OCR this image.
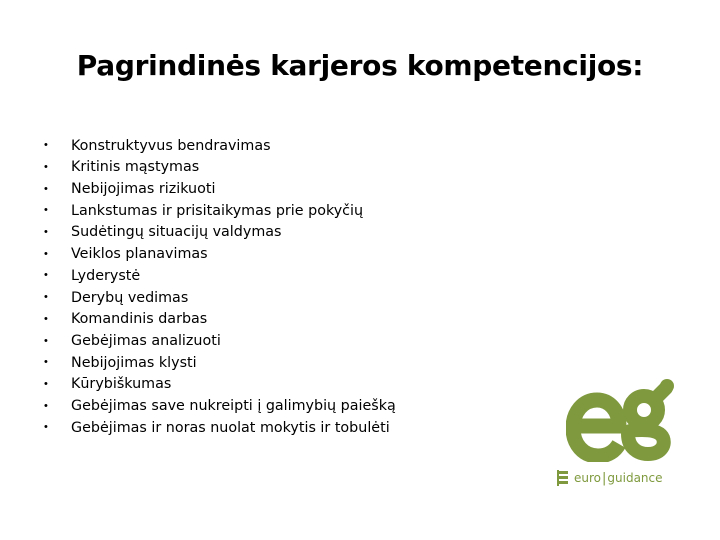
Pagrindinės karjeros kompetencijos:
•	Konstruktyvus bendravimas
•	Kritinis mąstymas
•	Nebijojimas rizikuoti
•	Lankstumas ir prisitaikymas prie pokyčių
•	Sudėtingų situacijų valdymas
•	Veiklos planavimas
•	Lyderystė
•	Derybų vedimas
•	Komandinis darbas
•	Gebėjimas analizuoti
•	Nebijojimas klysti
•	Kūrybiškumas
•	Gebėjimas save nukreipti į galimybių paiešką
•	Gebėjimas ir noras nuolat mokytis ir tobulėti
euro | guidance
